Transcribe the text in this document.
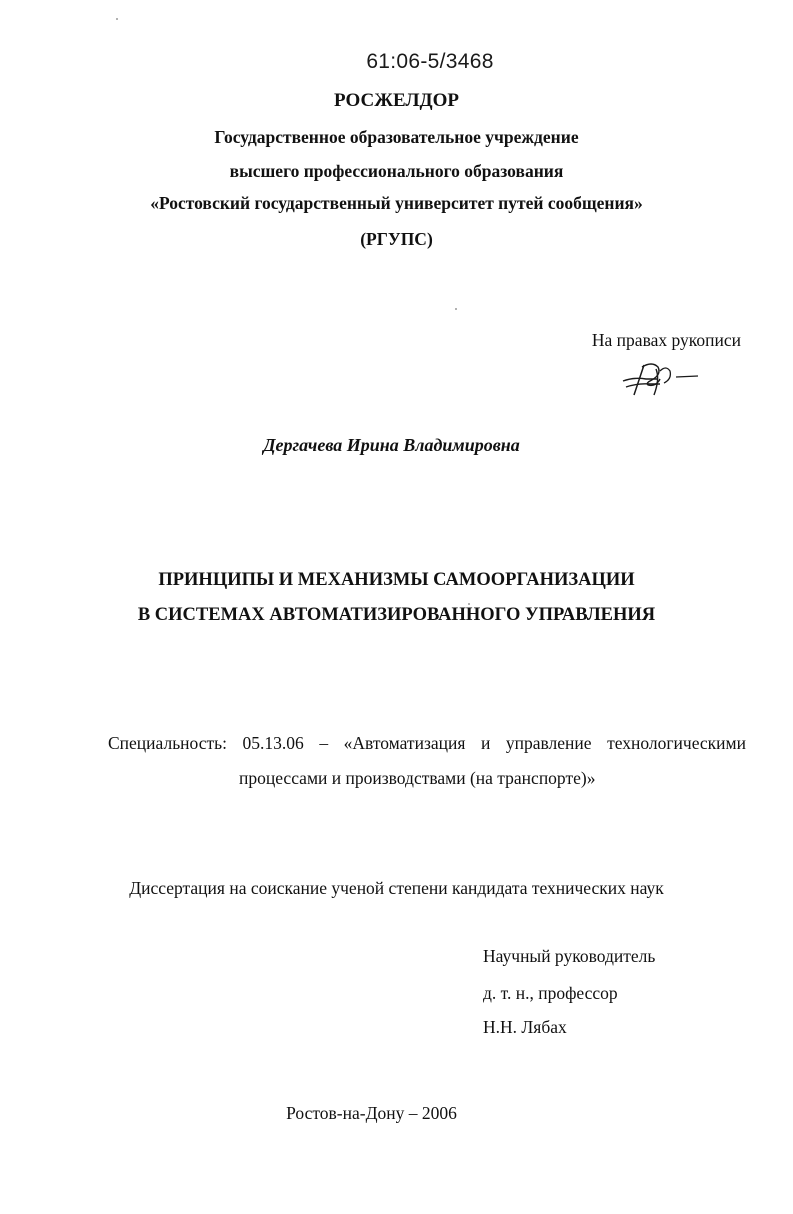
61:06-5/3468
РОСЖЕЛДОР
Государственное образовательное учреждение
высшего профессионального образования
«Ростовский государственный университет путей сообщения»
(РГУПС)
На правах рукописи
Дергачева Ирина Владимировна
ПРИНЦИПЫ И МЕХАНИЗМЫ САМООРГАНИЗАЦИИ
В СИСТЕМАХ АВТОМАТИЗИРОВАННОГО УПРАВЛЕНИЯ
Специальность: 05.13.06 – «Автоматизация и управление технологическими
процессами и производствами (на транспорте)»
Диссертация на соискание ученой степени кандидата технических наук
Научный руководитель
д. т. н., профессор
Н.Н. Лябах
Ростов-на-Дону – 2006
